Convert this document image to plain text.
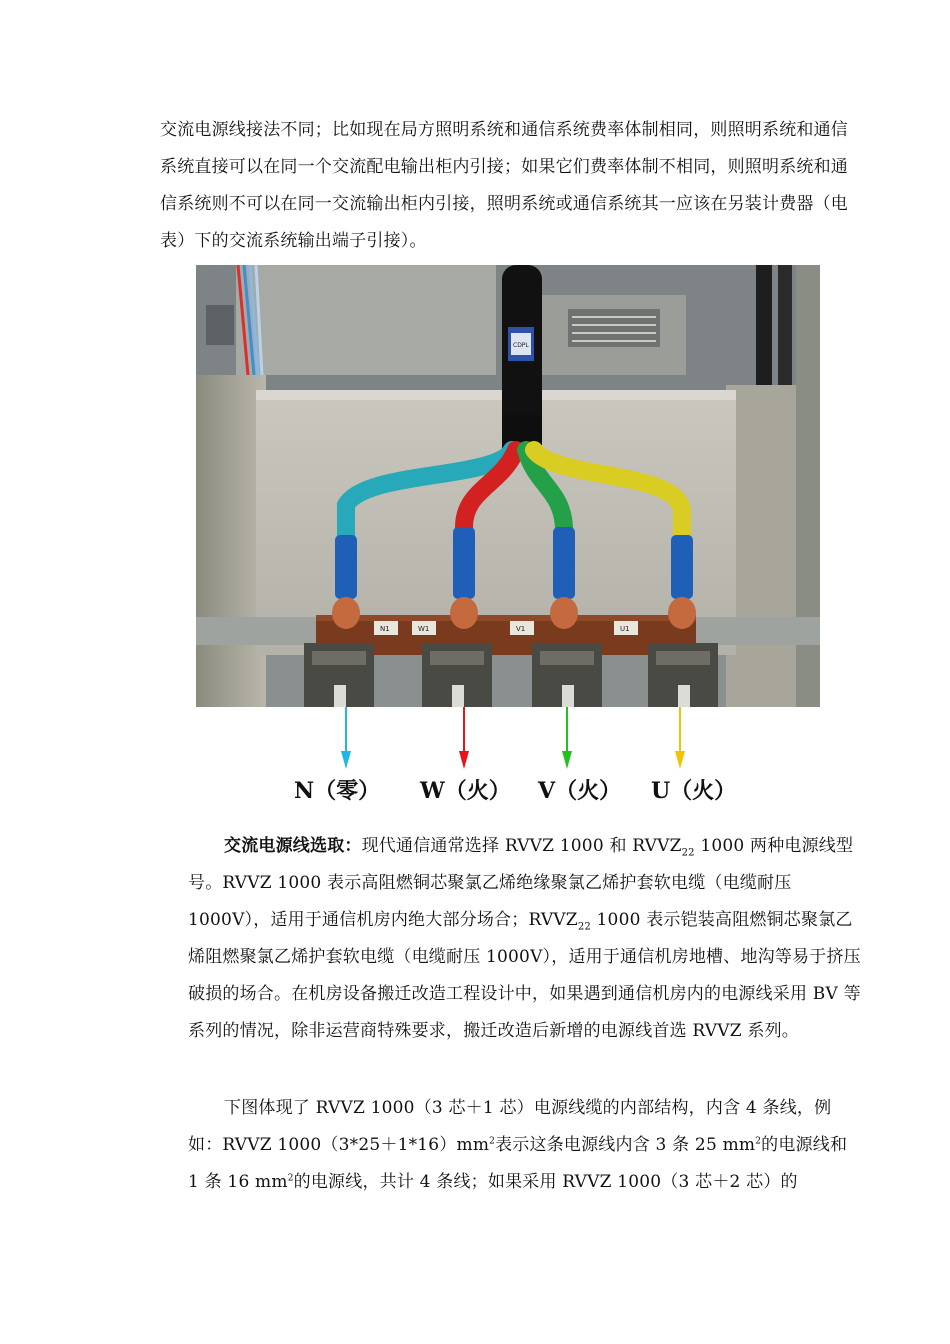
交流电源线接法不同；比如现在局方照明系统和通信系统费率体制相同，则照明系统和通信系统直接可以在同一个交流配电输出柜内引接；如果它们费率体制不相同，则照明系统和通信系统则不可以在同一交流输出柜内引接，照明系统或通信系统其一应该在另装计费器（电表）下的交流系统输出端子引接）。

N1	W1	V1	U1
CDPL
N（零） W（火） V（火） U（火）

交流电源线选取：现代通信通常选择 RVVZ 1000 和 $RVVZ_{22}$ 1000 两种电源线型号。RVVZ 1000 表示高阻燃铜芯聚氯乙烯绝缘聚氯乙烯护套软电缆（电缆耐压 1000V），适用于通信机房内绝大部分场合；$RVVZ_{22}$ 1000 表示铠装高阻燃铜芯聚氯乙烯阻燃聚氯乙烯护套软电缆（电缆耐压 1000V），适用于通信机房地槽、地沟等易于挤压破损的场合。在机房设备搬迁改造工程设计中，如果遇到通信机房内的电源线采用 BV 等系列的情况，除非运营商特殊要求，搬迁改造后新增的电源线首选 RVVZ 系列。

下图体现了 RVVZ 1000（3 芯＋1 芯）电源线缆的内部结构，内含 4 条线，例如：RVVZ $1000(3*25+1*16)mm^2$表示这条电源线内含 3 条 25 $mm^2$的电源线和 1 条 16 $mm^2$的电源线，共计 4 条线；如果采用 RVVZ 1000（3 芯＋2 芯）的
